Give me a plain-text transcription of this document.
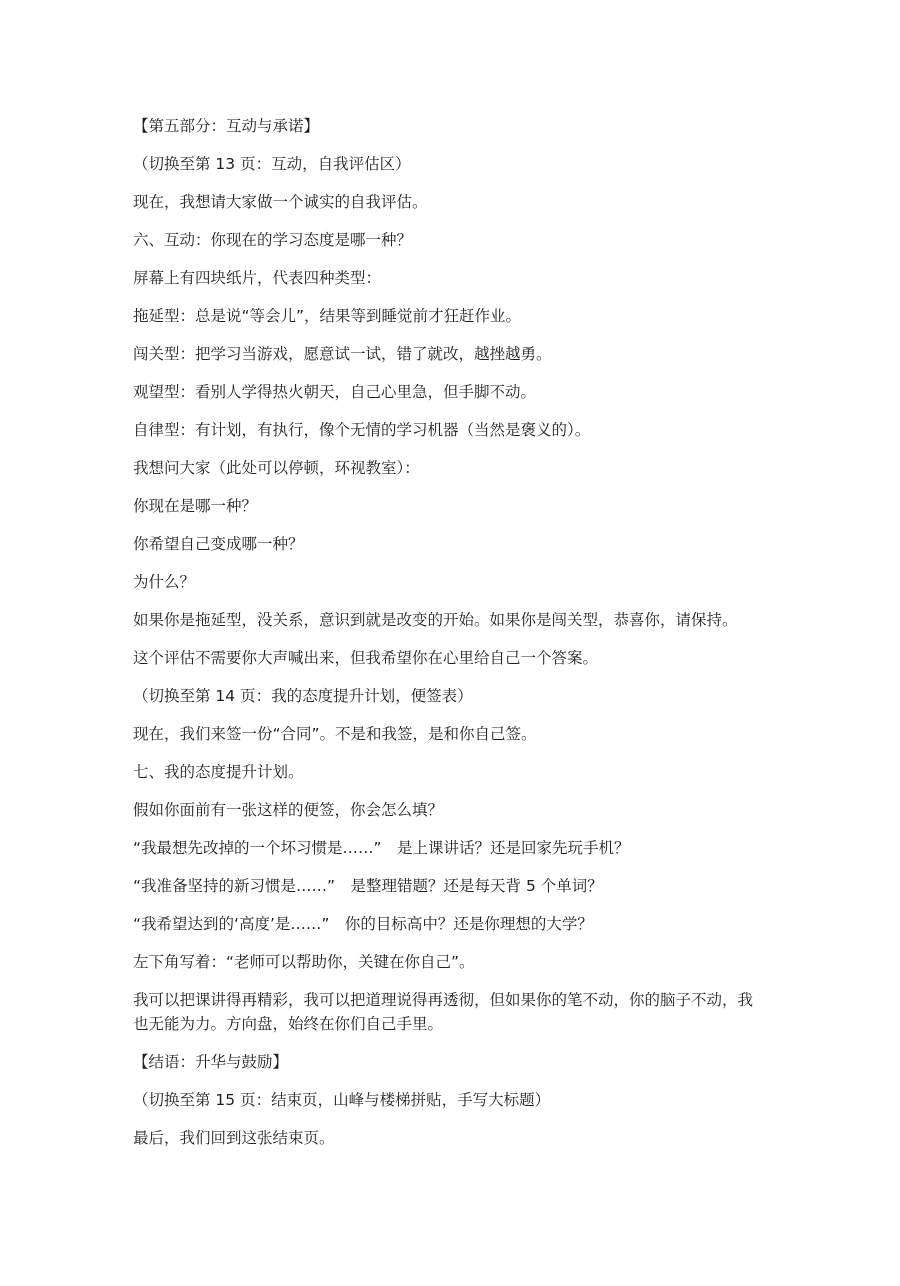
【第五部分：互动与承诺】

（切换至第 13 页：互动，自我评估区）

现在，我想请大家做一个诚实的自我评估。

六、互动：你现在的学习态度是哪一种？

屏幕上有四块纸片，代表四种类型：

拖延型：总是说“等会儿”，结果等到睡觉前才狂赶作业。

闯关型：把学习当游戏，愿意试一试，错了就改，越挫越勇。

观望型：看别人学得热火朝天，自己心里急，但手脚不动。

自律型：有计划，有执行，像个无情的学习机器（当然是褒义的）。

我想问大家（此处可以停顿，环视教室）：

你现在是哪一种？

你希望自己变成哪一种？

为什么？

如果你是拖延型，没关系，意识到就是改变的开始。如果你是闯关型，恭喜你，请保持。

这个评估不需要你大声喊出来，但我希望你在心里给自己一个答案。

（切换至第 14 页：我的态度提升计划，便签表）

现在，我们来签一份“合同”。不是和我签，是和你自己签。

七、我的态度提升计划。

假如你面前有一张这样的便签，你会怎么填？

“我最想先改掉的一个坏习惯是……”　是上课讲话？还是回家先玩手机？

“我准备坚持的新习惯是……”　是整理错题？还是每天背 5 个单词？

“我希望达到的‘高度’是……”　你的目标高中？还是你理想的大学？

左下角写着：“老师可以帮助你，关键在你自己”。

我可以把课讲得再精彩，我可以把道理说得再透彻，但如果你的笔不动，你的脑子不动，我也无能为力。方向盘，始终在你们自己手里。

【结语：升华与鼓励】

（切换至第 15 页：结束页，山峰与楼梯拼贴，手写大标题）

最后，我们回到这张结束页。
